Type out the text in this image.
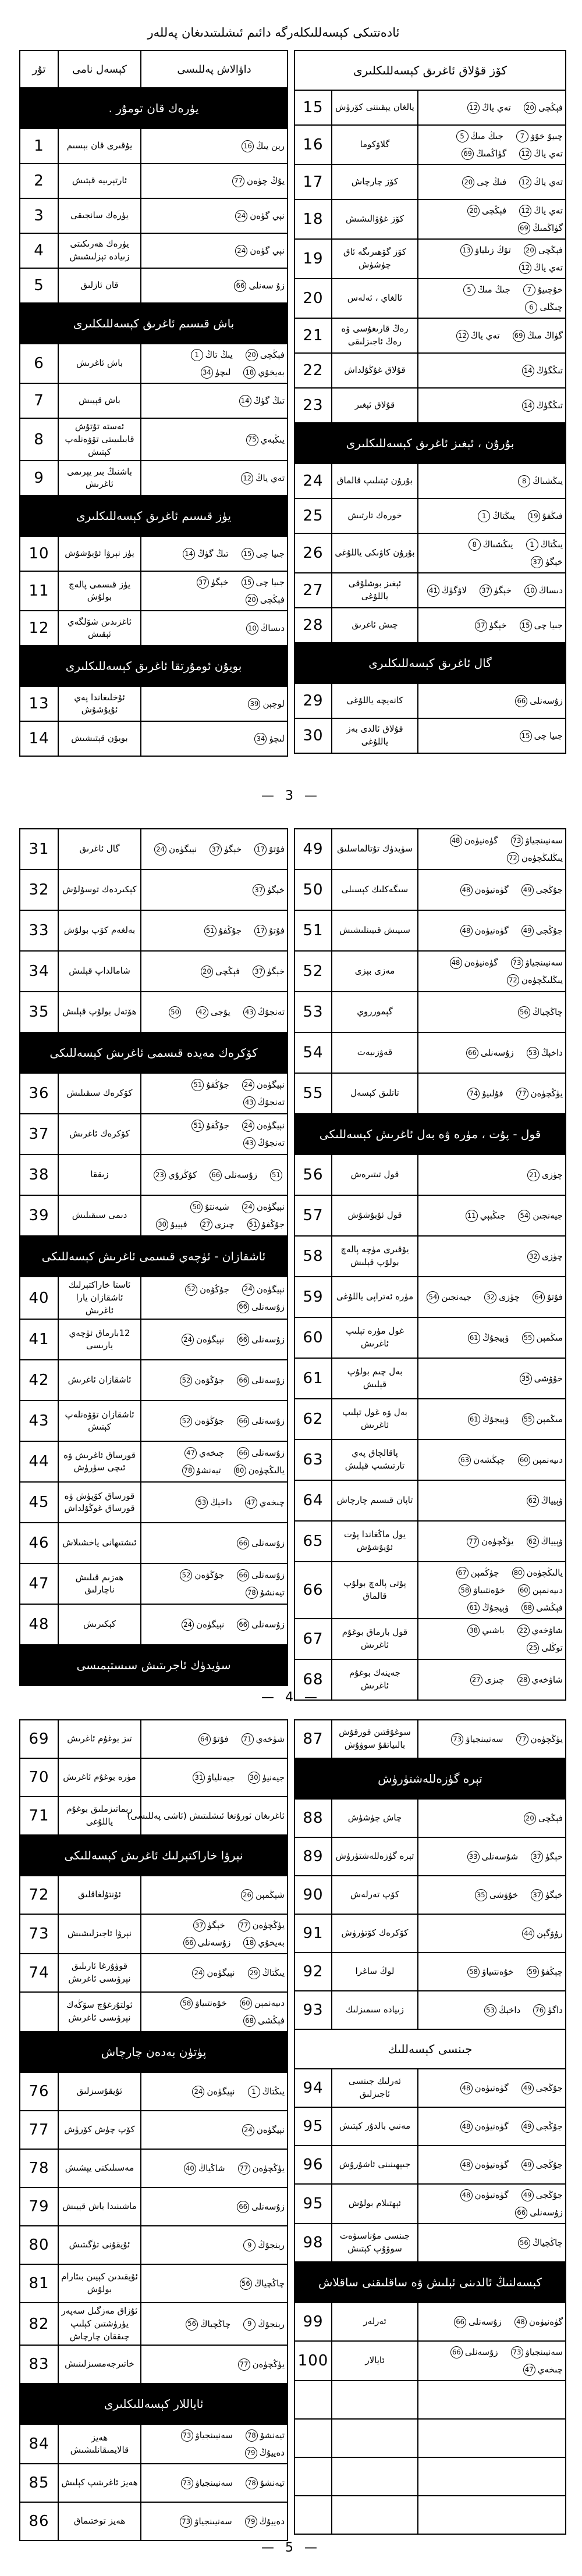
ئادەتتىكى كېسەللىكلەرگە دائىم ئىشلىتىدىغان پەللەر
تۇر	كېسەل نامى	داۋالاش پەللىسى
يۈرەك قان تومۇر .		
1	يۇقىرى قان بېسىم	رېن يىڭ16
2	ئارتېرىيە قېتىش	يۇڭ چۈەن77
3	يۈرەك سانجىقى	نېي گۈەن24
4	يۈرەك ھەرىكىتى زىيادە تېزلىشىش	نېي گۈەن24
5	قان ئازلىق	زۇ سەنلى66
باش قىسىم ئاغرىق كېسەللىكلىرى		
6	باش ئاغرىش	فېڭچى20يىڭ تاڭ1بەيخۇي18لىچۈ34
7	باش قېيىش	تىڭ گۈڭ14
8	ئەستە تۇتۇش قابىلىيىتى تۆۋەنلەپ كېتىش	يىڭبەي75
9	باشنىڭ بىر يېرىمى ئاغرىش	تەي ياڭ12
يۈز قىسىم ئاغرىق كېسەللىكلىرى		
10	يۈز نېرۋا ئۇيۇشۇش	جىيا چى15تىڭ گۈڭ14
11	يۈز قىسمى پالەچ بولۇش	جىيا چى15خېگۈ37فېڭچى20
12	ئاغزىدىن شۆلگەي ئېقىش	دىساڭ10
بويۇن ئومۇرتقا ئاغرىق كېسەللىكلىرى		
13	ئۇخلىغاندا پەي ئۇيۇشۇش	لوچېن39
14	بويۇن قېتىشىش	لىچۈ34
كۆز قۇلاق ئاغرىق كېسەللىكلىرى		
15	يالغان يېقىننى كۆرۈش	فېڭچى20تەي ياڭ12
16	گلاۋكوما	چىيۇ خۇۋ7جىڭ مىڭ5تەي ياڭ12گۈاڭمىڭ69
17	كۆز چارچاش	تەي ياڭ12فىڭ چى20
18	كۆز غۇۋالىشىش	تەي ياڭ12فېڭچى20گۈاڭمىڭ69
19	كۆز گۆھىرىگە ئاق چۈشۈش	فېڭچى20تۇڭ زىلياۋ13تەي ياڭ12
20	ئالغاي ، ئەلەس	خۇچىيۇ7جىڭ مىڭ5چىڭلى6
21	رەڭ قارىغۇسى ۋە رەڭ ئاجىزلىقى	گۈاڭ مىڭ69تەي ياڭ12
22	قۇلاق غۇڭۇلداش	تىڭگۈڭ14
23	قۇلاق ئېغىر	تىڭگۈڭ14
بۇرۇن ، ئېغىز ئاغرىق كېسەللىكلىرى		
24	بۇرۇن ئېتىلىپ قالماق	يىڭشىاڭ8
25	خورەك تارتىش	فىڭفۇ19يىڭتاڭ1
26	بۇرۇن كاۋىكى ياللۇغى	يىڭتاڭ1يىڭشىاڭ8خېگۈ37
27	ئېغىز بوشلۇقى ياللۇغى	دىساڭ10خېگۈ37لاۋگۈڭ41
28	چىش ئاغرىق	جىيا چى15خېگۈ37
گال ئاغرىق كېسەللىكلىرى		
29	كانەيچە ياللۇغى	زۇسەنلى66
30	قۇلاق ئالدى بەز ياللۇغى	جىيا چى15
— 3 —
31	گال ئاغرىق	فۇتۇ17خېگۈ37نېيگۈەن24
32	كېكىردەك توسۇلۇش	خېگۈ37
33	بەلغەم كۆپ بولۇش	فۇتۇ17جۇڭفۇ51
34	شامالداپ قېلىش	خېگۈ37فېڭچى20
35	ھۆتەل بولۇپ قېلىش	تەنجۇڭ43يۇجى4250
كۆكرەك مەيدە قىسمى ئاغرىش كېسەللىكى		
36	كۆكرەك سىقىلىش	نېيگۈەن24جۇڭفۇ51تەنجۇڭ43
37	كۆكرەك ئاغرىش	نېيگۈەن24جۇڭفۇ51تەنجۇڭ43
38	زىققا	51زۇسەنلى66كۇڭزۇي23
39	دىمى سىقىلىش	نېيگۈەن24شيەنتۇ50جۇڭفۇ51چىزى27فېييۇ30
ئاشقازان - ئۈچەي قىسمى ئاغرىش كېسەللىكى		
40	ئاستا خاراكتېرلىك ئاشقازان يارا ئاغرىش	نېيگۈەن24جۇڭۋەن52زۇسەنلى66
41	12بارماق ئۈچەي يارىسى	زۇسەنلى66نېيگۈەن24
42	ئاشقازان ئاغرىش	زۇسەنلى66جۇڭۋەن52
43	ئاشقازان تۆۋەنلەپ كېتىش	زۇسەنلى66جۇڭۋەن52
44	قورساق ئاغرىش ۋە ئىچى سۈرۈش	زۇسەنلى66چىخەي47يالىڭچۈەن80تيەنشۇ78
45	قورساق كۆپۈش ۋە قورساق غوڭۇلداش	چىخەي47داخېڭ53
46	ئىشتىھانى ياخشىلاش	زۇسەنلى66
47	ھەزىم قىلىش ناچارلىق	زۇسەنلى66جۇڭۋەن52تيەنشۇ78
48	كېكىرىش	زۇسەنلى66نېيگۈەن24
سۈيدۈك ئاجرىتىش سىستېمىسى		
49	سۈيدۈك تۇتالماسلىق	سەنيىنجياۋ73گۈەنيۈەن48يىڭلىڭچۈەن72
50	سىگەكلىك كېسىلى	جۇڭجى49گۈەنيۈەن48
51	سىيىش قىيىنلىشىش	جۇڭجى49گۈەنيۈەن48
52	مەزى بېزى	سەنيىنجياۋ73گۈەنيۈەن48يىڭلىڭچۈەن72
53	گېمورروي	چاڭچياڭ56
54	قەۋزىيەت	داخېڭ53زۇسەنلى66
55	تاتلىق كېسەل	يۈڭچۈەن77فۇلىيۇ74
قول - پۇت ، مۈرە ۋە بەل ئاغرىش كېسەللىكى		
56	قول تىتىرەش	چۈزى21
57	قول ئۇيۇشۇش	جيەنجىن54جىڭبېي11
58	يۇقىرى مۈچە پالەچ بولۇپ قېلىش	چۈزى32
59	مۈرە ئەتراپى ياللۇغى	فۇتۇ64چۈزى32جيەنجىن54
60	غول مۈرە تېلىپ ئاغرىش	مىڭمېن55ۋېيجۇڭ61
61	بەل چىم بولۇپ قېلىش	خۇۋشى35
62	بەل ۋە غول تېلىپ ئاغرىش	مىڭمېن55ۋېيجۇڭ61
63	پاقالچاق پەي تارتىشىپ قېلىش	دىيەنمېن60چېڭشەن63
64	تاپان قىسىم چارچاش	ۋېيياڭ62
65	يول ماڭغاندا پۇت ئۇيۇشۇش	ۋېيياڭ62يۈڭچۈەن77
66	پۇتى پالەچ بولۇپ قالماق	يالىڭچۈەن80چۈڭمېن67دىيەنمېن60خۇەنتىياۋ58فېڭشى68ۋېيجۇڭ61
67	قول بارماق بوغۇم ئاغرىش	شاۋخەي22باشىي38توڭلى25
68	جەينەك بوغۇم ئاغرىش	شاۋخەي28چىزى27
— 4 —
69	تىز بوغۇم ئاغرىش	شۈخەي71فۇتۇ64
70	مۈرە بوغۇم ئاغرىش	جيەنيۈ30جيەنلياۋ31
71	رېماتىزملىق بوغۇم ياللۇغى	ئاغرىغان ئورۇنغا ئىشلىتىش (ئاشى پەللىسى)
نېرۋا خاراكتېرلىك ئاغرىش كېسەللىكى		
72	ئۇنتۇلغاقلىق	شېڭمېن26
73	نېرۋا ئاجىزلىشىش	يۈڭچۈەن77خېگۈ37بەيخۇي18زۇسەنلى66
74	قوۋۇرغا ئارىلىق نېرۋىسى ئاغرىش	يىڭتاڭ29نېيگۈەن24
	ئولتۇرغۇچ سۆڭەك نېرۋىسى ئاغرىش	دىيەنمېن60خۇەنتىياۋ58فېڭشى68
پۈتۈن بەدەن چارچاش		
76	ئۇيقۇسىزلىق	يىڭتاڭ1نېيگۈەن24
77	كۆپ چۈش كۆرۈش	نېيگۈەن24
78	مەسىلىكنى يېشىش	يۈڭچۈەن77شاڭياڭ40
79	ماشىنىدا باش قېيىش	زۇسەنلى66
80	ئۇيقۇنى تۈگىتىش	رېنجۇڭ9
81	ئۇيقىدىن كېيىن بىئارام بولۇش	چاڭچياڭ56
82	ئۇزاق مەزگىل سەپەر يۈرۈشتىن كېلىپ چىققان چارچاش	رېنجۇڭ9چاڭچياڭ56
83	خاتىرجەمسىزلىنىش	يۈڭچۈەن77
ئاياللار كېسەللىكلىرى		
84	ھەيز قالايمىقانلىشىش	تيەنشۇ78سەنيىنجياۋ73دەييۇڭ79
85	ھەيز ئاغرىتىپ كېلىش	تيەنشۇ78سەنيىنجياۋ73
86	ھەيز توختىماق	دەييۇڭ79سەنيىنجياۋ73
87	سوغۇقتىن قورقۇش بالىياتقۇ سوۋۇش	يۈڭچۈەن77سەنيىنجياۋ73
تېرە گۈزەللەشتۈرۈش		
88	چاش چۈشۈش	فېڭچى20
89	تېرە گۈزەللەشتۈرۈش	خېگۈ37شۇسەنلى33
90	كۆپ تەرلەش	خېگۈ37خۇۋشى35
91	كۆكرەك كۆتۈرۈش	رۇۋگېن44
92	لوڭ ساغرا	چېڭفۇ59خۇەنتىياۋ58
93	زىيادە سىمىزلىك	داگۈ76داخېڭ53
جىنسى كېسەللىك		
94	ئەرلىك جىنسى ئاجىزلىق	جۇڭجى49گۈەنيۈەن48
95	مەنىي بالدۇر كېتىش	جۇڭجى49گۈەنيۈەن48
96	جىپھىنىنى ئاشۇرۇش	جۇڭجى49گۈەنيۈەن48
95	ئېھتىلام بولۇش	جۇڭجى49گۈەنيۈەن48زۇسەنلى66
98	جىنسى مۇناسىۋەت سوۋۇپ كېتىش	چاڭچياڭ56
كېسەلنىڭ ئالدىنى ئېلىش ۋە ساقلىقنى ساقلاش		
99	ئەرلەر	گۈەنيۈەن48زۇسەنلى66
100	ئايالار	سەنيىنجياۋ73زۇسەنلى66چىخەي47

— 5 —
